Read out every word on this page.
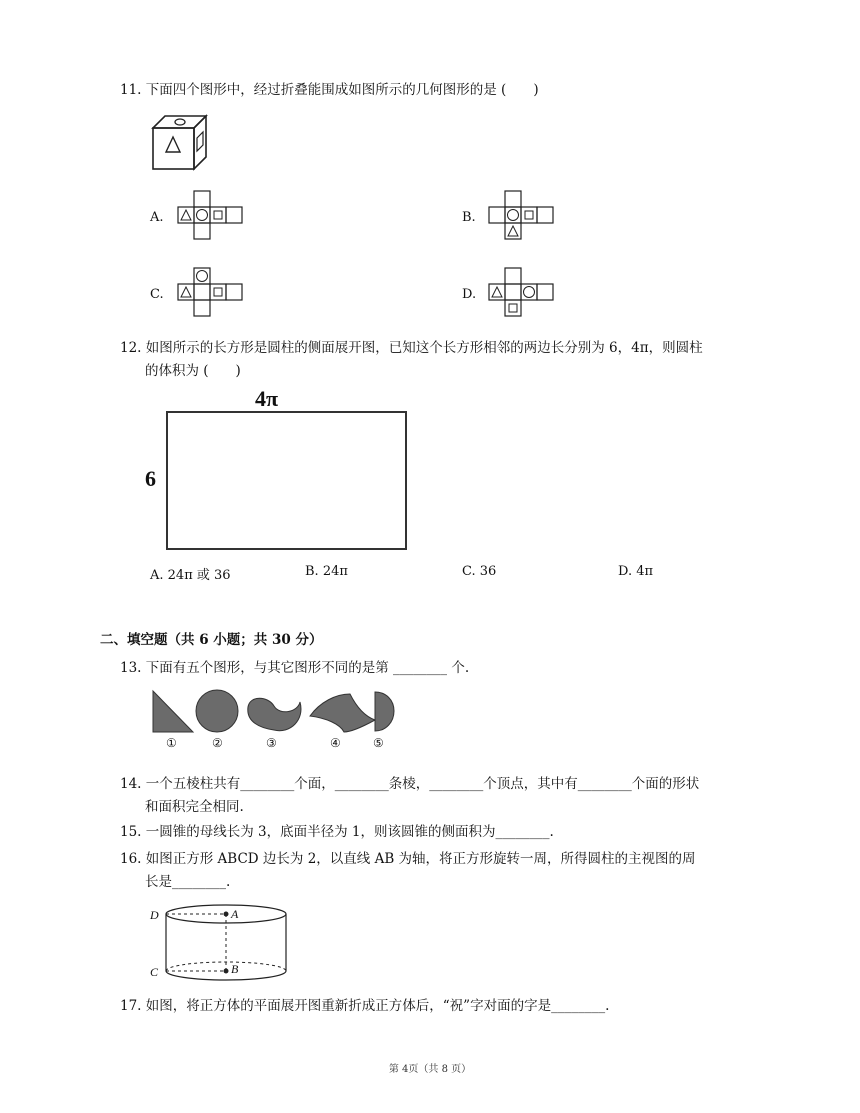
11. 下面四个图形中，经过折叠能围成如图所示的几何图形的是 (　　)
A.	B.
C.	D.
12. 如图所示的长方形是圆柱的侧面展开图，已知这个长方形相邻的两边长分别为 6，4π，则圆柱
的体积为 (　　)
4π
6
A. 24π 或 36	B. 24π	C. 36	D. 4π
二、填空题（共 6 小题；共 30 分）
13. 下面有五个图形，与其它图形不同的是第 ________ 个.
①	②	③	④	⑤
14. 一个五棱柱共有________个面，________条棱，________个顶点，其中有________个面的形状
和面积完全相同.
15. 一圆锥的母线长为 3，底面半径为 1，则该圆锥的侧面积为________.
16. 如图正方形 ABCD 边长为 2，以直线 AB 为轴，将正方形旋转一周，所得圆柱的主视图的周
长是________.
D	A
C	B
17. 如图，将正方体的平面展开图重新折成正方体后，“祝”字对面的字是________.
第 4页（共 8 页）
